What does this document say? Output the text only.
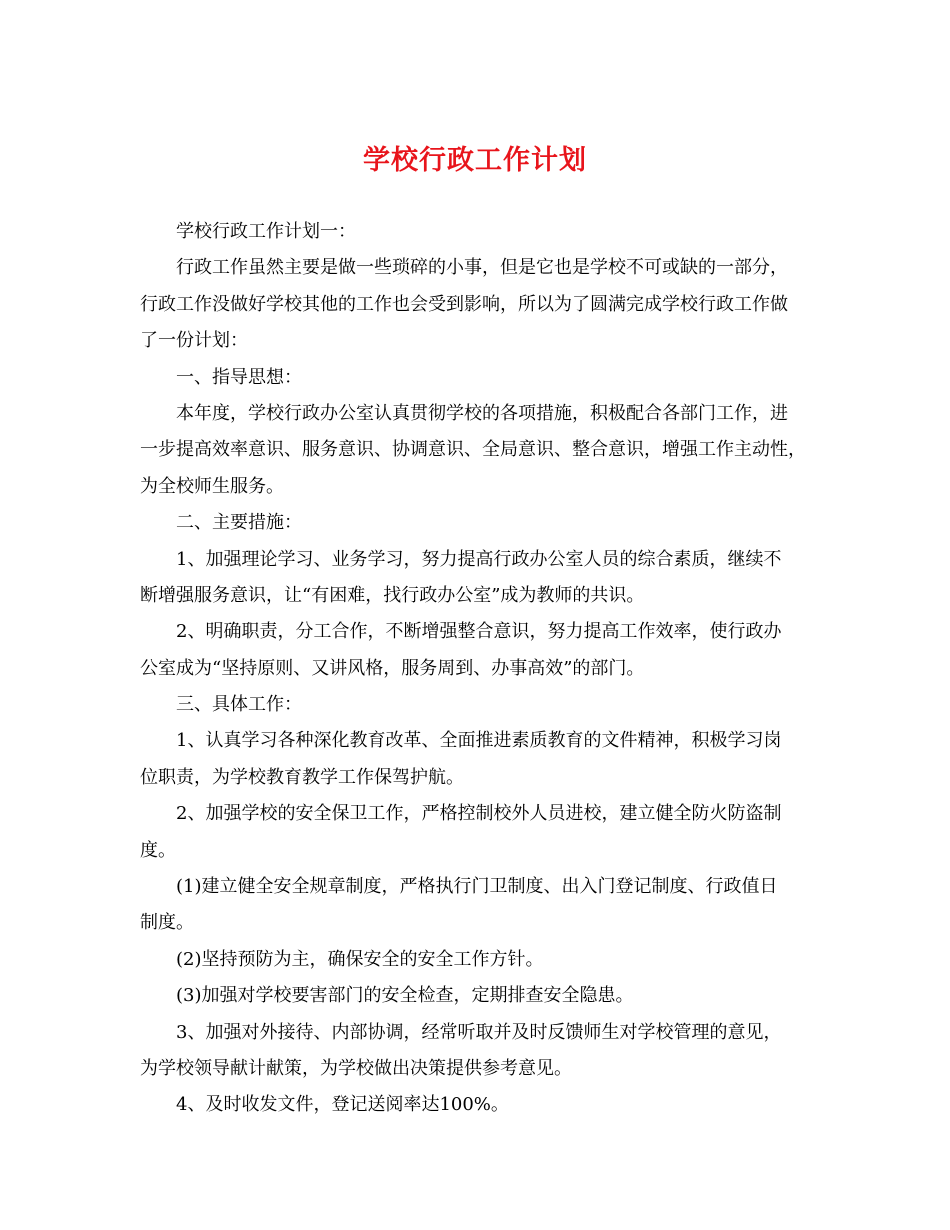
学校行政工作计划
学校行政工作计划一：
行政工作虽然主要是做一些琐碎的小事，但是它也是学校不可或缺的一部分，
行政工作没做好学校其他的工作也会受到影响，所以为了圆满完成学校行政工作做
了一份计划：
一、指导思想：
本年度，学校行政办公室认真贯彻学校的各项措施，积极配合各部门工作，进
一步提高效率意识、服务意识、协调意识、全局意识、整合意识，增强工作主动性，
为全校师生服务。
二、主要措施：
1、加强理论学习、业务学习，努力提高行政办公室人员的综合素质，继续不
断增强服务意识，让“有困难，找行政办公室”成为教师的共识。
2、明确职责，分工合作，不断增强整合意识，努力提高工作效率，使行政办
公室成为“坚持原则、又讲风格，服务周到、办事高效”的部门。
三、具体工作：
1、认真学习各种深化教育改革、全面推进素质教育的文件精神，积极学习岗
位职责，为学校教育教学工作保驾护航。
2、加强学校的安全保卫工作，严格控制校外人员进校，建立健全防火防盗制
度。
(1)建立健全安全规章制度，严格执行门卫制度、出入门登记制度、行政值日
制度。
(2)坚持预防为主，确保安全的安全工作方针。
(3)加强对学校要害部门的安全检查，定期排查安全隐患。
3、加强对外接待、内部协调，经常听取并及时反馈师生对学校管理的意见，
为学校领导献计献策，为学校做出决策提供参考意见。
4、及时收发文件，登记送阅率达100%。
